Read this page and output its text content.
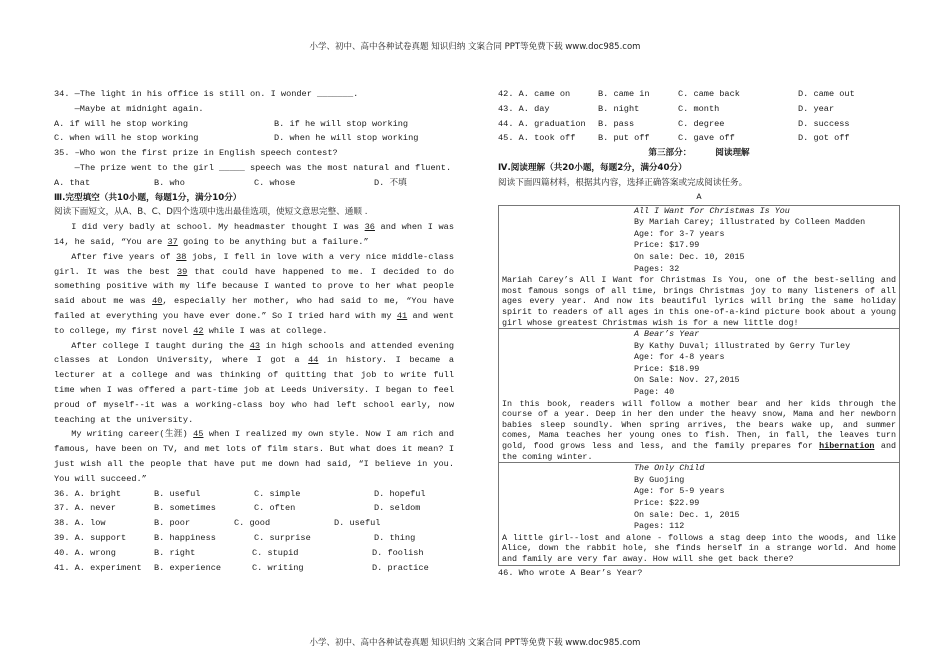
小学、初中、高中各种试卷真题 知识归纳 文案合同 PPT等免费下载 www.doc985.com
34. —The light in his office is still on. I wonder _______.
—Maybe at midnight again.
A. if will he stop working	B. if he will stop working
C. when will he stop working	D. when he will stop working
35. –Who won the first prize in English speech contest?
—The prize went to the girl _____ speech was the most natural and fluent.
A. that	B. who	C. whose	D. 不填
Ⅲ.完型填空（共10小题，每题1分，满分10分）
阅读下面短文，从A、B、C、D四个选项中选出最佳选项，使短文意思完整、通顺 .
I did very badly at school. My headmaster thought I was 36 and when I was 14, he said, “You are 37 going to be anything but a failure.”
After five years of 38 jobs, I fell in love with a very nice middle-class girl. It was the best 39 that could have happened to me. I decided to do something positive with my life because I wanted to prove to her what people said about me was 40, especially her mother, who had said to me, “You have failed at everything you have ever done.” So I tried hard with my 41 and went to college, my first novel 42 while I was at college.
After college I taught during the 43 in high schools and attended evening classes at London University, where I got a 44 in history. I became a lecturer at a college and was thinking of quitting that job to write full time when I was offered a part-time job at Leeds University. I began to feel proud of myself--it was a working-class boy who had left school early, now teaching at the university.
My writing career(生涯) 45 when I realized my own style. Now I am rich and famous, have been on TV, and met lots of film stars. But what does it mean? I just wish all the people that have put me down had said, “I believe in you. You will succeed.”
36. A. bright	B. useful	C. simple	D. hopeful
37. A. never	B. sometimes	C. often	D. seldom
38. A. low	B. poor	C. good	D. useful
39. A. support	B. happiness	C. surprise	D. thing
40. A. wrong	B. right	C. stupid	D. foolish
41. A. experiment	B. experience	C. writing	D. practice
42. A. came on	B. came in	C. came back	D. came out
43. A. day	B. night	C. month	D. year
44. A. graduation	B. pass	C. degree	D. success
45. A. took off	B. put off	C. gave off	D. got off
第三部分：        阅读理解
Ⅳ.阅读理解（共20小题，每题2分，满分40分）
阅读下面四篇材料，根据其内容，选择正确答案或完成阅读任务。
A
All I Want for Christmas Is You
By Mariah Carey; illustrated by Colleen Madden
Age: for 3-7 years
Price: $17.99
On sale: Dec. 10, 2015
Pages: 32
Mariah Carey’s All I Want for Christmas Is You, one of the best-selling and most famous songs of all time, brings Christmas joy to many listeners of all ages every year. And now its beautiful lyrics will bring the same holiday spirit to readers of all ages in this one-of-a-kind picture book about a young girl whose greatest Christmas wish is for a new little dog!
A Bear’s Year
By Kathy Duval; illustrated by Gerry Turley
Age: for 4-8 years
Price: $18.99
On Sale: Nov. 27,2015
Page: 40
In this book, readers will follow a mother bear and her kids through the course of a year. Deep in her den under the heavy snow, Mama and her newborn babies sleep soundly. When spring arrives, the bears wake up, and summer comes, Mama teaches her young ones to fish. Then, in fall, the leaves turn gold, food grows less and less, and the family prepares for hibernation and the coming winter.
The Only Child
By Guojing
Age: for 5-9 years
Price: $22.99
On sale: Dec. 1, 2015
Pages: 112
A little girl--lost and alone - follows a stag deep into the woods, and like Alice, down the rabbit hole, she finds herself in a strange world. And home and family are very far away. How will she get back there?
46. Who wrote A Bear’s Year?
小学、初中、高中各种试卷真题 知识归纳 文案合同 PPT等免费下载 www.doc985.com
